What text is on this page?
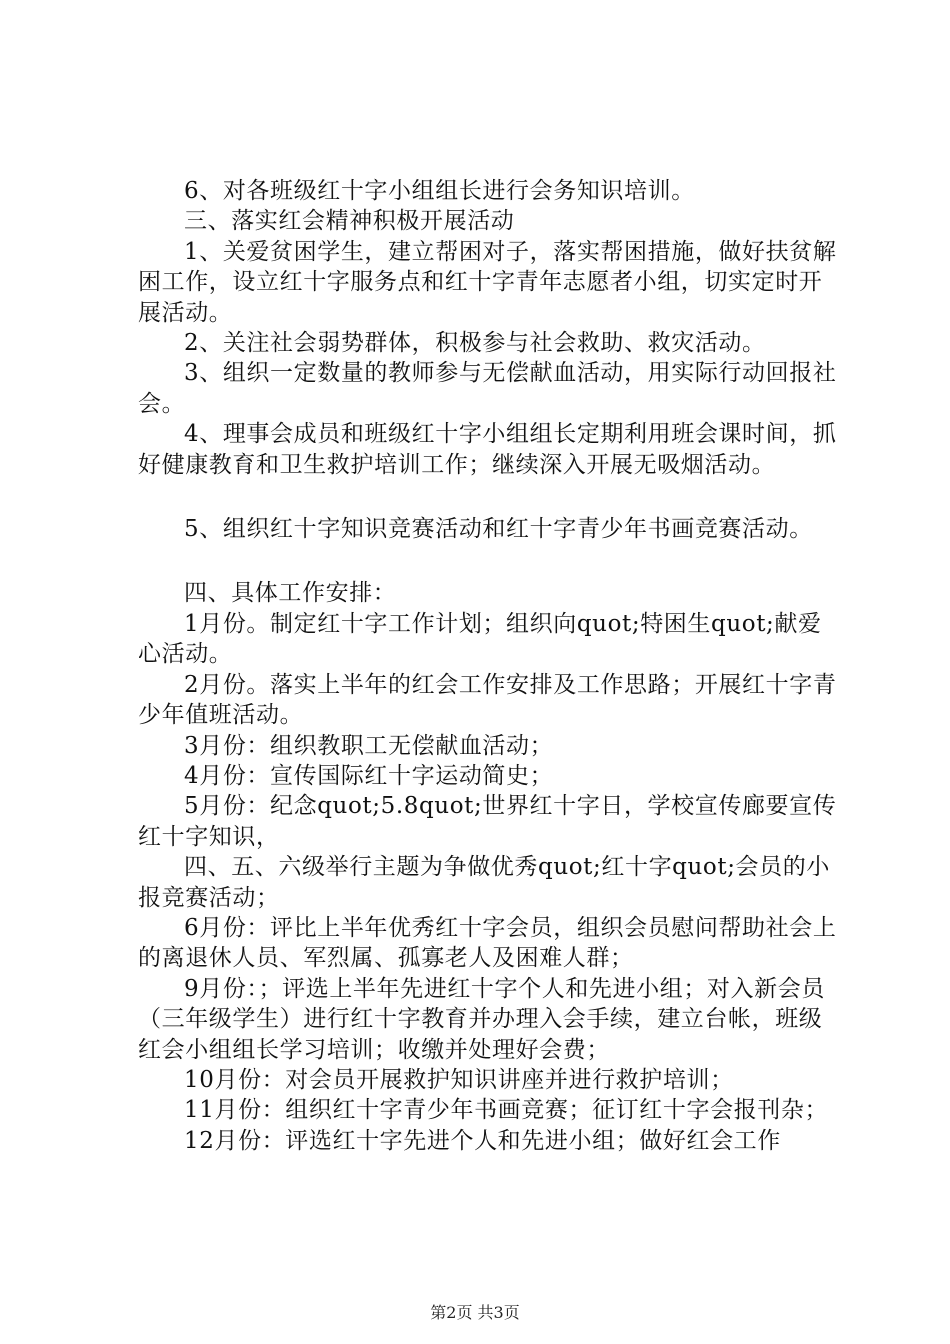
6、对各班级红十字小组组长进行会务知识培训。

三、落实红会精神积极开展活动

1、关爱贫困学生，建立帮困对子，落实帮困措施，做好扶贫解困工作，设立红十字服务点和红十字青年志愿者小组，切实定时开展活动。

2、关注社会弱势群体，积极参与社会救助、救灾活动。

3、组织一定数量的教师参与无偿献血活动，用实际行动回报社会。

4、理事会成员和班级红十字小组组长定期利用班会课时间，抓好健康教育和卫生救护培训工作；继续深入开展无吸烟活动。

5、组织红十字知识竞赛活动和红十字青少年书画竞赛活动。

四、具体工作安排：

1月份。制定红十字工作计划；组织向quot;特困生quot;献爱心活动。

2月份。落实上半年的红会工作安排及工作思路；开展红十字青少年值班活动。

3月份：组织教职工无偿献血活动；

4月份：宣传国际红十字运动简史；

5月份：纪念quot;5.8quot;世界红十字日，学校宣传廊要宣传红十字知识，

四、五、六级举行主题为争做优秀quot;红十字quot;会员的小报竞赛活动；

6月份：评比上半年优秀红十字会员，组织会员慰问帮助社会上的离退休人员、军烈属、孤寡老人及困难人群；

9月份：；评选上半年先进红十字个人和先进小组；对入新会员（三年级学生）进行红十字教育并办理入会手续，建立台帐，班级红会小组组长学习培训；收缴并处理好会费；

10月份：对会员开展救护知识讲座并进行救护培训；

11月份：组织红十字青少年书画竞赛；征订红十字会报刊杂；

12月份：评选红十字先进个人和先进小组；做好红会工作

第2页 共3页
